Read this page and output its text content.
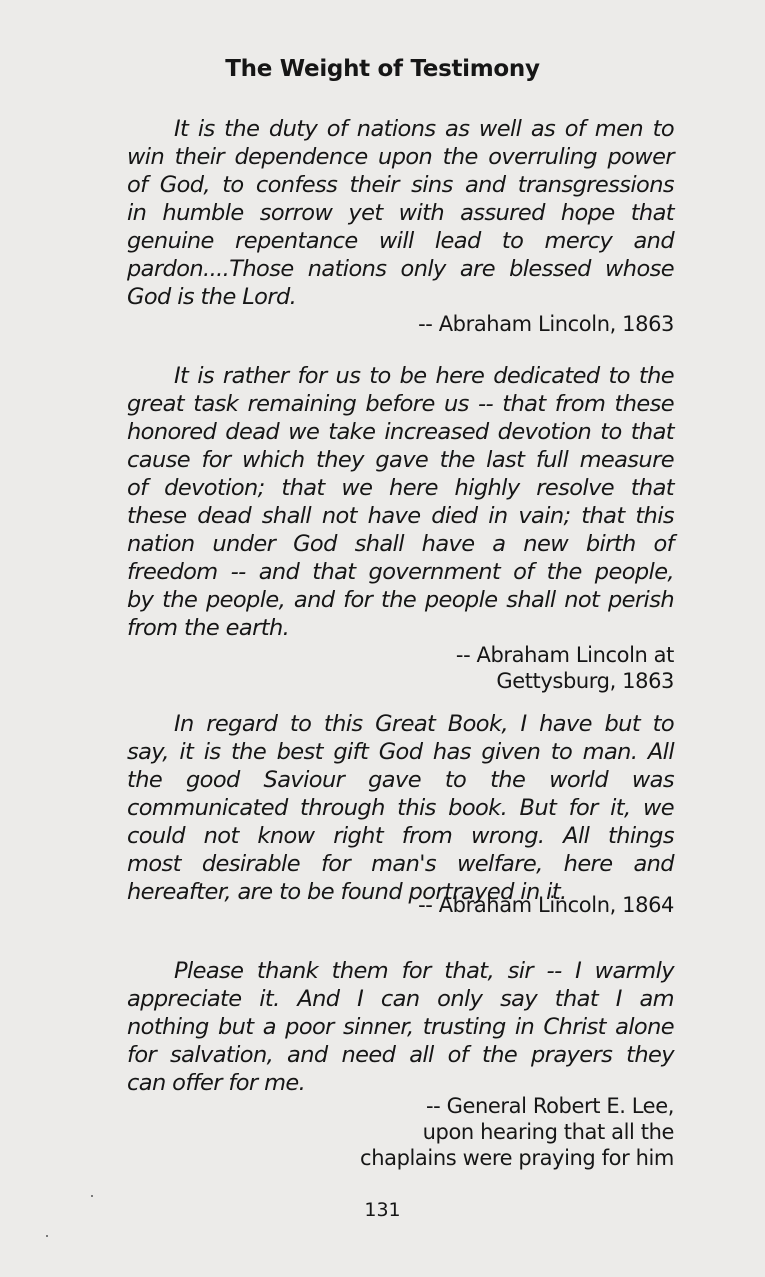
The Weight of Testimony

It is the duty of nations as well as of men to
win their dependence upon the overruling power
of God, to confess their sins and transgressions
in humble sorrow yet with assured hope that
genuine repentance will lead to mercy and
pardon....Those nations only are blessed whose
God is the Lord.

-- Abraham Lincoln, 1863

It is rather for us to be here dedicated to the
great task remaining before us -- that from these
honored dead we take increased devotion to that
cause for which they gave the last full measure
of devotion; that we here highly resolve that
these dead shall not have died in vain; that this
nation under God shall have a new birth of
freedom -- and that government of the people,
by the people, and for the people shall not perish
from the earth.

-- Abraham Lincoln at
Gettysburg, 1863

In regard to this Great Book, I have but to
say, it is the best gift God has given to man. All
the good Saviour gave to the world was
communicated through this book. But for it, we
could not know right from wrong. All things
most desirable for man's welfare, here and
hereafter, are to be found portrayed in it.

-- Abraham Lincoln, 1864

Please thank them for that, sir -- I warmly
appreciate it. And I can only say that I am
nothing but a poor sinner, trusting in Christ alone
for salvation, and need all of the prayers they
can offer for me.

-- General Robert E. Lee,
upon hearing that all the
chaplains were praying for him

131
